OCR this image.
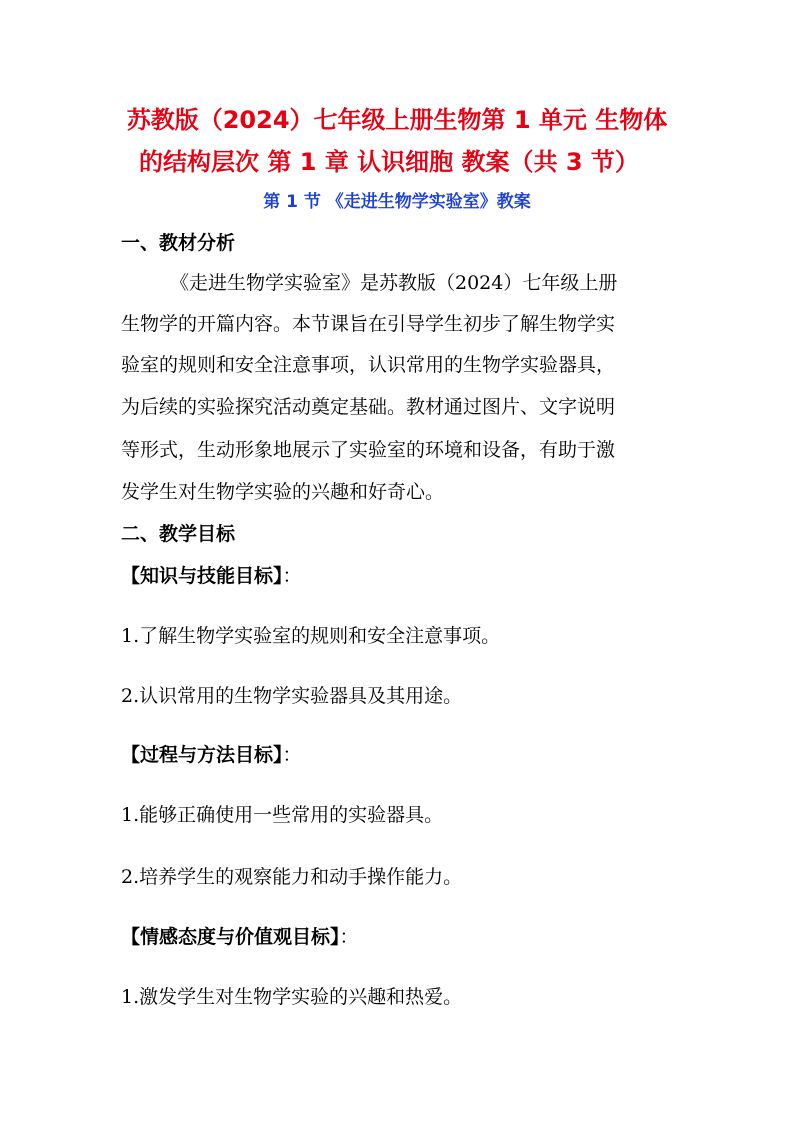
苏教版（2024）七年级上册生物第 1 单元 生物体
的结构层次 第 1 章 认识细胞 教案（共 3 节）
第 1 节 《走进生物学实验室》教案
一、教材分析
《走进生物学实验室》是苏教版（2024）七年级上册
生物学的开篇内容。本节课旨在引导学生初步了解生物学实
验室的规则和安全注意事项，认识常用的生物学实验器具，
为后续的实验探究活动奠定基础。教材通过图片、文字说明
等形式，生动形象地展示了实验室的环境和设备，有助于激
发学生对生物学实验的兴趣和好奇心。
二、教学目标
【知识与技能目标】：
1.了解生物学实验室的规则和安全注意事项。
2.认识常用的生物学实验器具及其用途。
【过程与方法目标】：
1.能够正确使用一些常用的实验器具。
2.培养学生的观察能力和动手操作能力。
【情感态度与价值观目标】：
1.激发学生对生物学实验的兴趣和热爱。
